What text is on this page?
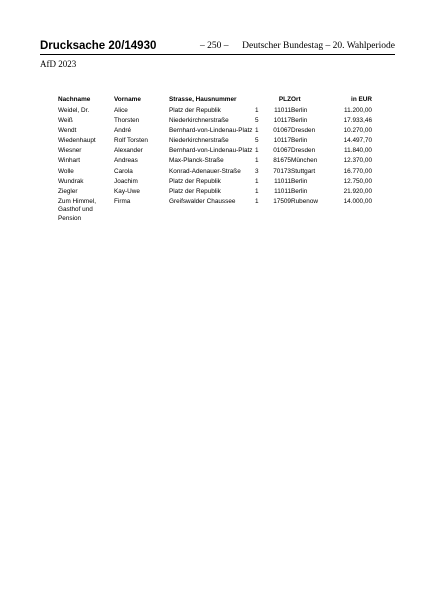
Drucksache 20/14930	– 250 – Deutscher Bundestag – 20. Wahlperiode
AfD 2023
Nachname	Vorname	Strasse, Hausnummer		PLZ	Ort	in EUR
Weidel, Dr.	Alice	Platz der Republik	1	11011	Berlin	11.200,00
Weiß	Thorsten	Niederkirchnerstraße	5	10117	Berlin	17.933,46
Wendt	André	Bernhard-von-Lindenau-Platz	1	01067	Dresden	10.270,00
Wiedenhaupt	Rolf Torsten	Niederkirchnerstraße	5	10117	Berlin	14.497,70
Wiesner	Alexander	Bernhard-von-Lindenau-Platz	1	01067	Dresden	11.840,00
Winhart	Andreas	Max-Planck-Straße	1	81675	München	12.370,00
Wolle	Carola	Konrad-Adenauer-Straße	3	70173	Stuttgart	16.770,00
Wundrak	Joachim	Platz der Republik	1	11011	Berlin	12.750,00
Ziegler	Kay-Uwe	Platz der Republik	1	11011	Berlin	21.920,00
Zum Himmel, Gasthof und Pension	Firma	Greifswalder Chaussee	1	17509	Rubenow	14.000,00
